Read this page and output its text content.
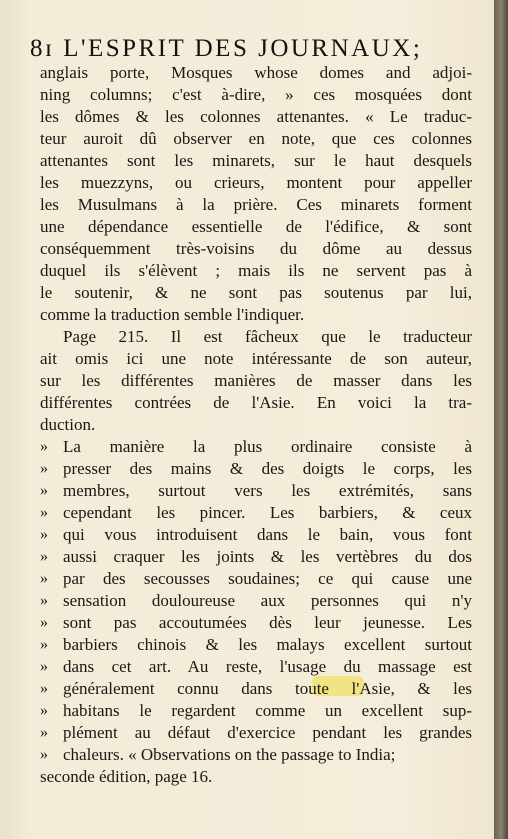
8ɪ L'ESPRIT DES JOURNAUX;
anglais porte, Mosques whose domes and adjoi-
ning columns; c'est à-dire, » ces mosquées dont
les dômes & les colonnes attenantes. « Le traduc-
teur auroit dû observer en note, que ces colonnes
attenantes sont les minarets, sur le haut desquels
les muezzyns, ou crieurs, montent pour appeller
les Musulmans à la prière. Ces minarets forment
une dépendance essentielle de l'édifice, & sont
conséquemment très-voisins du dôme au dessus
duquel ils s'élèvent ; mais ils ne servent pas à
le soutenir, & ne sont pas soutenus par lui,
comme la traduction semble l'indiquer.
Page 215. Il est fâcheux que le traducteur
ait omis ici une note intéressante de son auteur,
sur les différentes manières de masser dans les
différentes contrées de l'Asie. En voici la tra-
duction.
» La manière la plus ordinaire consiste à
» presser des mains & des doigts le corps, les
» membres, surtout vers les extrémités, sans
» cependant les pincer. Les barbiers, & ceux
» qui vous introduisent dans le bain, vous font
» aussi craquer les joints & les vertèbres du dos
» par des secousses soudaines; ce qui cause une
» sensation douloureuse aux personnes qui n'y
» sont pas accoutumées dès leur jeunesse. Les
» barbiers chinois & les malays excellent surtout
» dans cet art. Au reste, l'usage du massage est
» généralement connu dans toute l'Asie, & les
» habitans le regardent comme un excellent sup-
» plément au défaut d'exercice pendant les grandes
» chaleurs. « Observations on the passage to India;
seconde édition, page 16.
